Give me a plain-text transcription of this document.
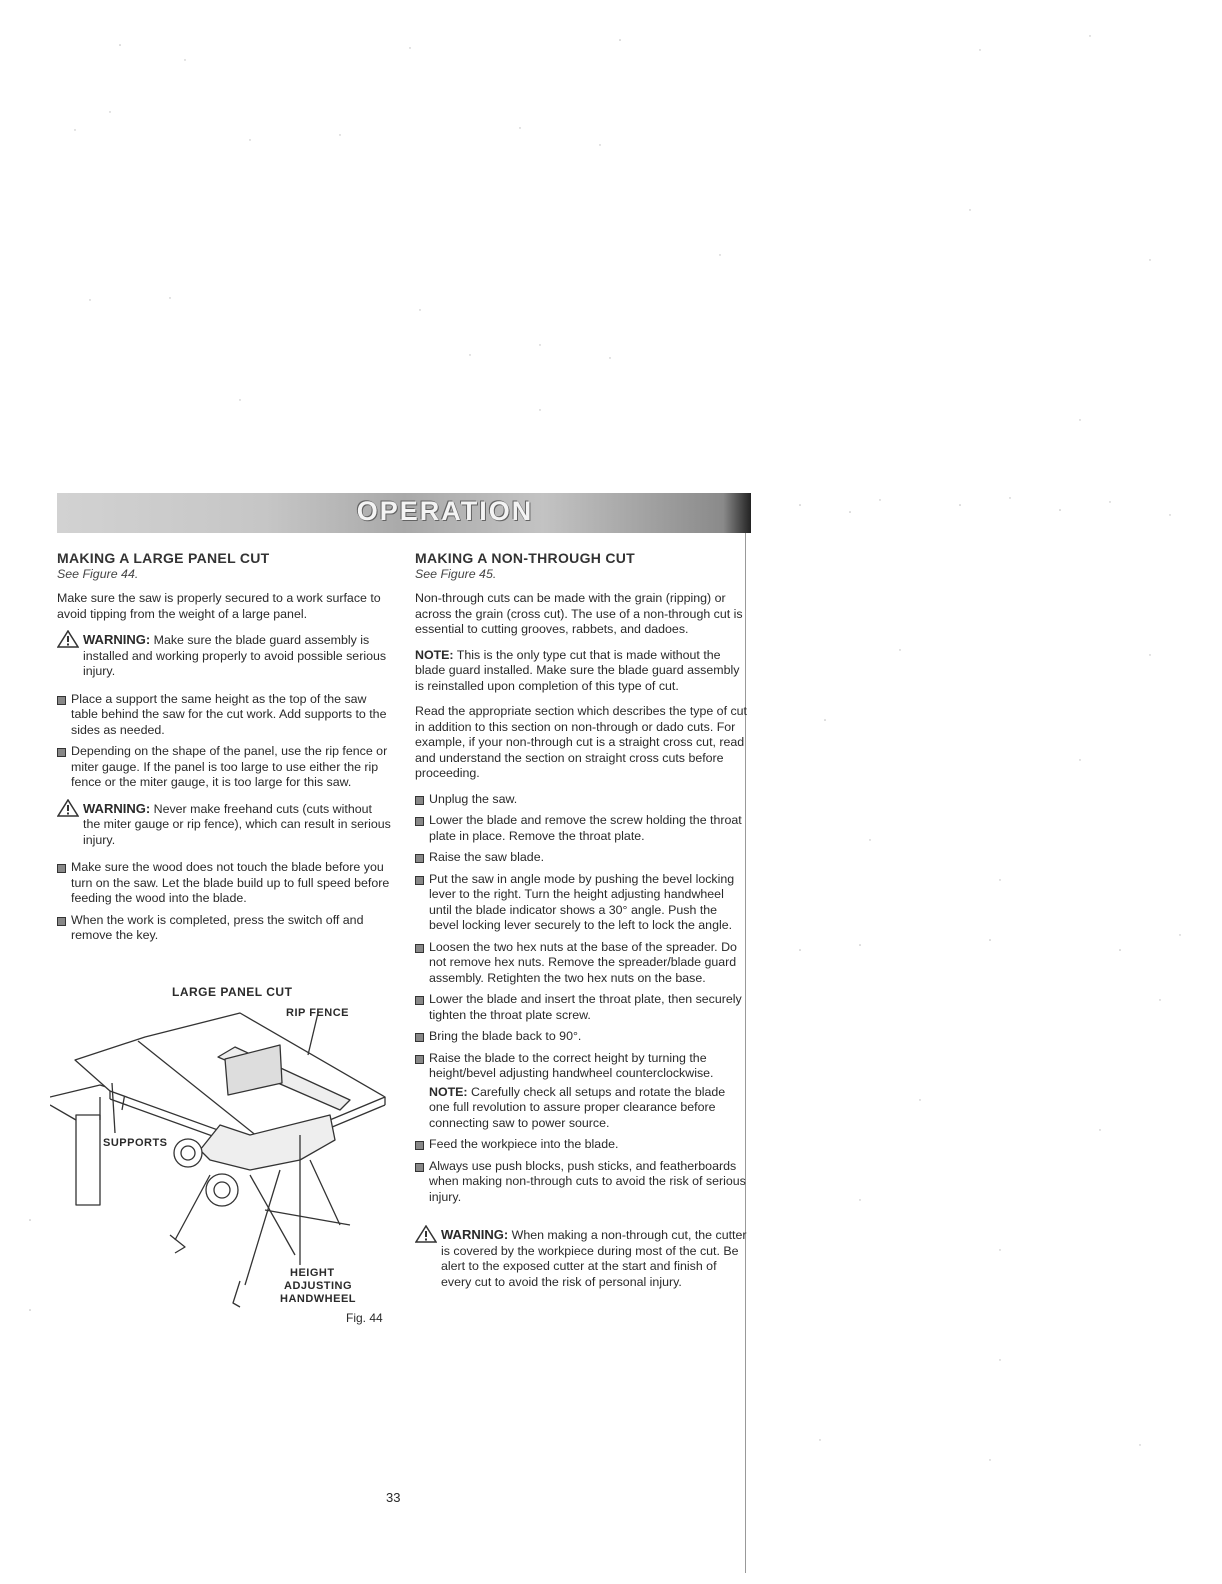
OPERATION
MAKING A LARGE PANEL CUT
See Figure 44.

Make sure the saw is properly secured to a work surface to avoid tipping from the weight of a large panel.

WARNING: Make sure the blade guard assembly is installed and working properly to avoid possible serious injury.
Place a support the same height as the top of the saw table behind the saw for the cut work. Add supports to the sides as needed.
Depending on the shape of the panel, use the rip fence or miter gauge. If the panel is too large to use either the rip fence or the miter gauge, it is too large for this saw.
WARNING: Never make freehand cuts (cuts without the miter gauge or rip fence), which can result in serious injury.
Make sure the wood does not touch the blade before you turn on the saw. Let the blade build up to full speed before feeding the wood into the blade.
When the work is completed, press the switch off and remove the key.
LARGE PANEL CUT
RIP FENCE
SUPPORTS
HEIGHT
ADJUSTING
HANDWHEEL
Fig. 44
MAKING A NON-THROUGH CUT
See Figure 45.

Non-through cuts can be made with the grain (ripping) or across the grain (cross cut). The use of a non-through cut is essential to cutting grooves, rabbets, and dadoes.

NOTE: This is the only type cut that is made without the blade guard installed. Make sure the blade guard assembly is reinstalled upon completion of this type of cut.

Read the appropriate section which describes the type of cut in addition to this section on non-through or dado cuts. For example, if your non-through cut is a straight cross cut, read and understand the section on straight cross cuts before proceeding.

Unplug the saw.
Lower the blade and remove the screw holding the throat plate in place. Remove the throat plate.
Raise the saw blade.
Put the saw in angle mode by pushing the bevel locking lever to the right. Turn the height adjusting handwheel until the blade indicator shows a 30° angle. Push the bevel locking lever securely to the left to lock the angle.
Loosen the two hex nuts at the base of the spreader. Do not remove hex nuts. Remove the spreader/blade guard assembly. Retighten the two hex nuts on the base.
Lower the blade and insert the throat plate, then securely tighten the throat plate screw.
Bring the blade back to 90°.
Raise the blade to the correct height by turning the height/bevel adjusting handwheel counterclockwise.
NOTE: Carefully check all setups and rotate the blade one full revolution to assure proper clearance before connecting saw to power source.
Feed the workpiece into the blade.
Always use push blocks, push sticks, and featherboards when making non-through cuts to avoid the risk of serious injury.
WARNING: When making a non-through cut, the cutter is covered by the workpiece during most of the cut. Be alert to the exposed cutter at the start and finish of every cut to avoid the risk of personal injury.
33
